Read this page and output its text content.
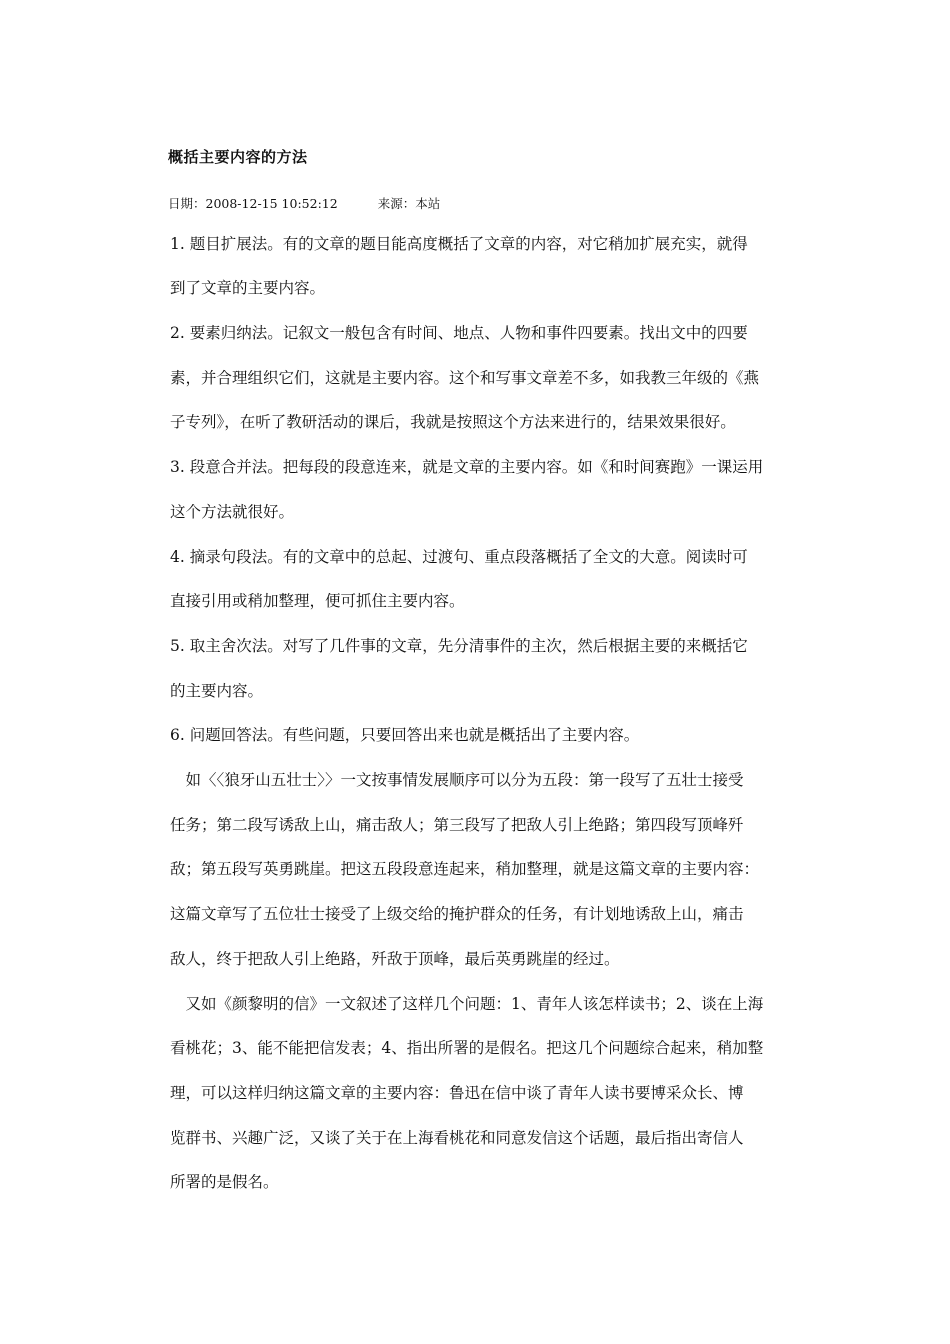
概括主要内容的方法
日期：2008-12-15 10:52:12	来源：本站
1. 题目扩展法。有的文章的题目能高度概括了文章的内容，对它稍加扩展充实，就得
到了文章的主要内容。
2. 要素归纳法。记叙文一般包含有时间、地点、人物和事件四要素。找出文中的四要
素，并合理组织它们，这就是主要内容。这个和写事文章差不多，如我教三年级的《燕
子专列》，在听了教研活动的课后，我就是按照这个方法来进行的，结果效果很好。
3. 段意合并法。把每段的段意连来，就是文章的主要内容。如《和时间赛跑》一课运用
这个方法就很好。
4. 摘录句段法。有的文章中的总起、过渡句、重点段落概括了全文的大意。阅读时可
直接引用或稍加整理，便可抓住主要内容。
5. 取主舍次法。对写了几件事的文章，先分清事件的主次，然后根据主要的来概括它
的主要内容。
6. 问题回答法。有些问题，只要回答出来也就是概括出了主要内容。
　如〈〈狼牙山五壮士〉〉一文按事情发展顺序可以分为五段：第一段写了五壮士接受
任务；第二段写诱敌上山，痛击敌人；第三段写了把敌人引上绝路；第四段写顶峰歼
敌；第五段写英勇跳崖。把这五段段意连起来，稍加整理，就是这篇文章的主要内容：
这篇文章写了五位壮士接受了上级交给的掩护群众的任务，有计划地诱敌上山，痛击
敌人，终于把敌人引上绝路，歼敌于顶峰，最后英勇跳崖的经过。
　又如《颜黎明的信》一文叙述了这样几个问题：1、青年人该怎样读书；2、谈在上海
看桃花；3、能不能把信发表；4、指出所署的是假名。把这几个问题综合起来，稍加整
理，可以这样归纳这篇文章的主要内容：鲁迅在信中谈了青年人读书要博采众长、博
览群书、兴趣广泛，又谈了关于在上海看桃花和同意发信这个话题，最后指出寄信人
所署的是假名。
